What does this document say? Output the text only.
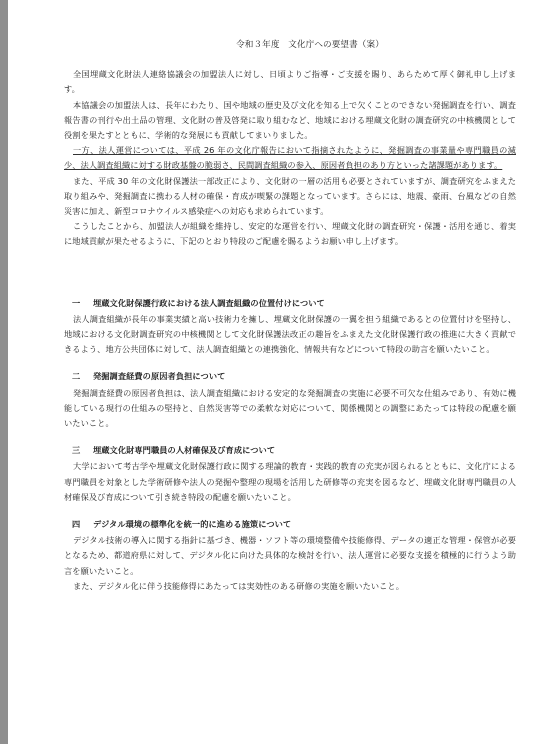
令和３年度　文化庁への要望書（案）

全国埋蔵文化財法人連絡協議会の加盟法人に対し、日頃よりご指導・ご支援を賜り、あらためて厚く御礼申し上げます。

本協議会の加盟法人は、長年にわたり、国や地域の歴史及び文化を知る上で欠くことのできない発掘調査を行い、調査報告書の刊行や出土品の管理、文化財の普及啓発に取り組むなど、地域における埋蔵文化財の調査研究の中核機関として役割を果たすとともに、学術的な発展にも貢献してまいりました。

一方、法人運営については、平成 26 年の文化庁報告において指摘されたように、発掘調査の事業量や専門職員の減少、法人調査組織に対する財政基盤の脆弱さ、民間調査組織の参入、原因者負担のあり方といった諸課題があります。

また、平成 30 年の文化財保護法一部改正により、文化財の一層の活用も必要とされていますが、調査研究をふまえた取り組みや、発掘調査に携わる人材の確保・育成が喫緊の課題となっています。さらには、地震、豪雨、台風などの自然災害に加え、新型コロナウイルス感染症への対応も求められています。

こうしたことから、加盟法人が組織を維持し、安定的な運営を行い、埋蔵文化財の調査研究・保護・活用を通じ、着実に地域貢献が果たせるように、下記のとおり特段のご配慮を賜るようお願い申し上げます。

一 埋蔵文化財保護行政における法人調査組織の位置付けについて

法人調査組織が長年の事業実績と高い技術力を擁し、埋蔵文化財保護の一翼を担う組織であるとの位置付けを堅持し、地域における文化財調査研究の中核機関として文化財保護法改正の趣旨をふまえた文化財保護行政の推進に大きく貢献できるよう、地方公共団体に対して、法人調査組織との連携強化、情報共有などについて特段の助言を願いたいこと。

二 発掘調査経費の原因者負担について

発掘調査経費の原因者負担は、法人調査組織における安定的な発掘調査の実施に必要不可欠な仕組みであり、有効に機能している現行の仕組みの堅持と、自然災害等での柔軟な対応について、関係機関との調整にあたっては特段の配慮を願いたいこと。

三 埋蔵文化財専門職員の人材確保及び育成について

大学において考古学や埋蔵文化財保護行政に関する理論的教育・実践的教育の充実が図られるとともに、文化庁による専門職員を対象とした学術研修や法人の発掘や整理の現場を活用した研修等の充実を図るなど、埋蔵文化財専門職員の人材確保及び育成について引き続き特段の配慮を願いたいこと。

四 デジタル環境の標準化を統一的に進める施策について

デジタル技術の導入に関する指針に基づき、機器・ソフト等の環境整備や技能修得、データの適正な管理・保管が必要となるため、都道府県に対して、デジタル化に向けた具体的な検討を行い、法人運営に必要な支援を積極的に行うよう助言を願いたいこと。

また、デジタル化に伴う技能修得にあたっては実効性のある研修の実施を願いたいこと。
